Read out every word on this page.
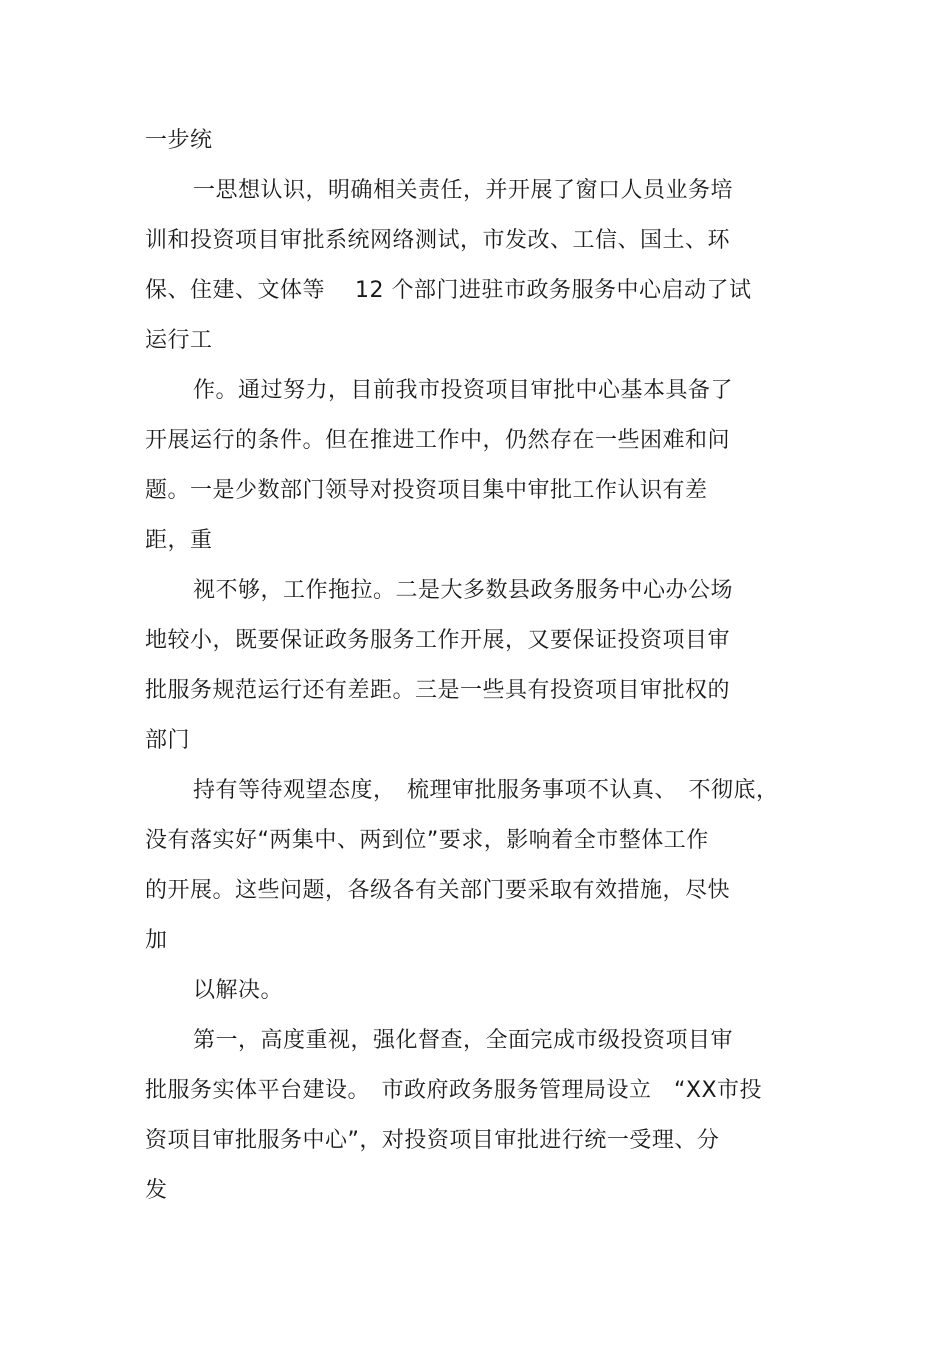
一步统
一思想认识，明确相关责任，并开展了窗口人员业务培
训和投资项目审批系统网络测试，市发改、工信、国土、环
保、住建、文体等　 12 个部门进驻市政务服务中心启动了试
运行工
作。通过努力，目前我市投资项目审批中心基本具备了
开展运行的条件。但在推进工作中，仍然存在一些困难和问
题。一是少数部门领导对投资项目集中审批工作认识有差
距，重
视不够，工作拖拉。二是大多数县政务服务中心办公场
地较小，既要保证政务服务工作开展，又要保证投资项目审
批服务规范运行还有差距。三是一些具有投资项目审批权的
部门
持有等待观望态度，　梳理审批服务事项不认真、　不彻底，
没有落实好“两集中、两到位”要求，影响着全市整体工作
的开展。这些问题，各级各有关部门要采取有效措施，尽快
加
以解决。
第一，高度重视，强化督查，全面完成市级投资项目审
批服务实体平台建设。　市政府政务服务管理局设立　“XX市投
资项目审批服务中心”，对投资项目审批进行统一受理、分
发
